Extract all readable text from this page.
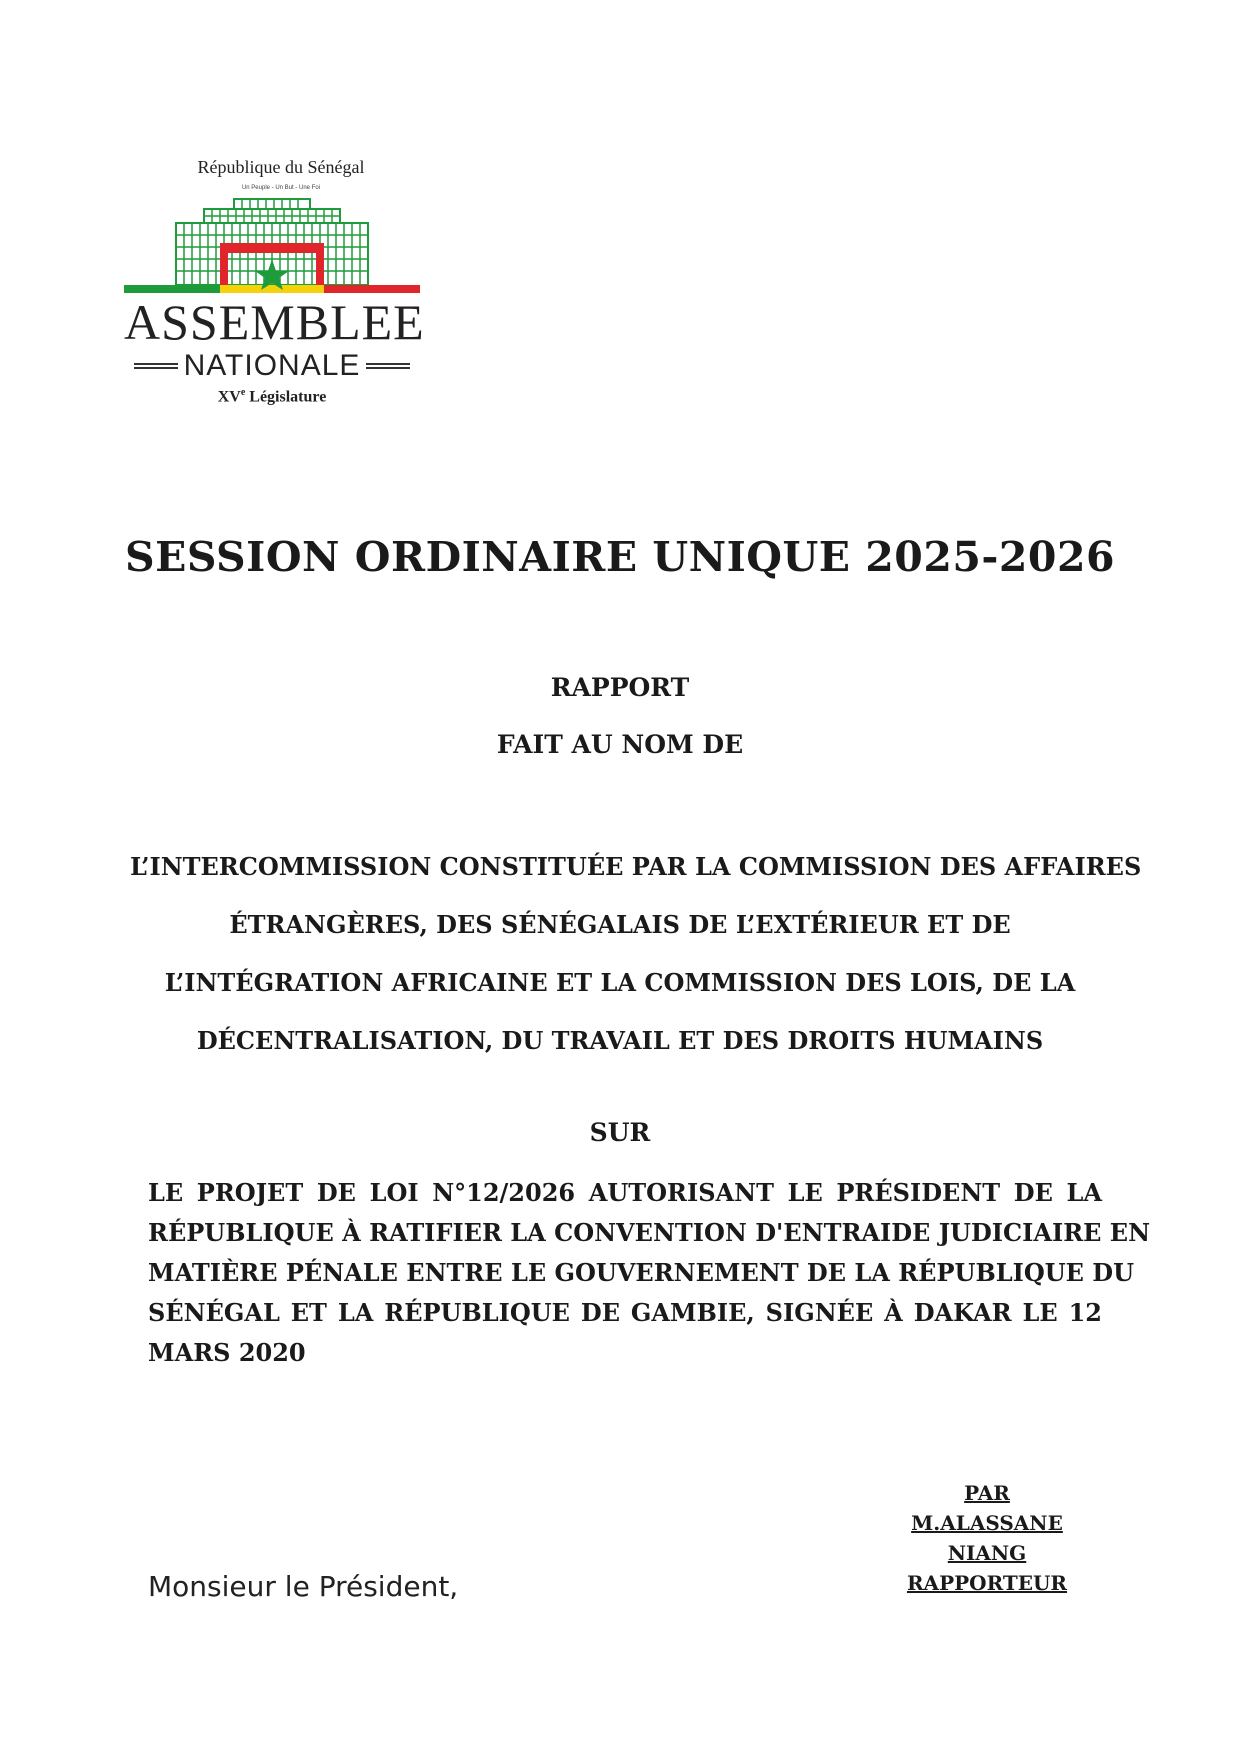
République du Sénégal
Un Peuple - Un But - Une Foi
ASSEMBLEE
NATIONALE
XVe Législature
SESSION ORDINAIRE UNIQUE 2025-2026
RAPPORT
FAIT AU NOM DE
L’INTERCOMMISSION CONSTITUÉE PAR LA COMMISSION DES AFFAIRES
ÉTRANGÈRES, DES SÉNÉGALAIS DE L’EXTÉRIEUR ET DE
L’INTÉGRATION AFRICAINE ET LA COMMISSION DES LOIS, DE LA
DÉCENTRALISATION, DU TRAVAIL ET DES DROITS HUMAINS
SUR
LE PROJET DE LOI N°12/2026 AUTORISANT LE PRÉSIDENT DE LA
RÉPUBLIQUE À RATIFIER LA CONVENTION D'ENTRAIDE JUDICIAIRE EN
MATIÈRE PÉNALE ENTRE LE GOUVERNEMENT DE LA RÉPUBLIQUE DU
SÉNÉGAL ET LA RÉPUBLIQUE DE GAMBIE, SIGNÉE À DAKAR LE 12
MARS 2020
PAR
M.ALASSANE NIANG
RAPPORTEUR
Monsieur le Président,
